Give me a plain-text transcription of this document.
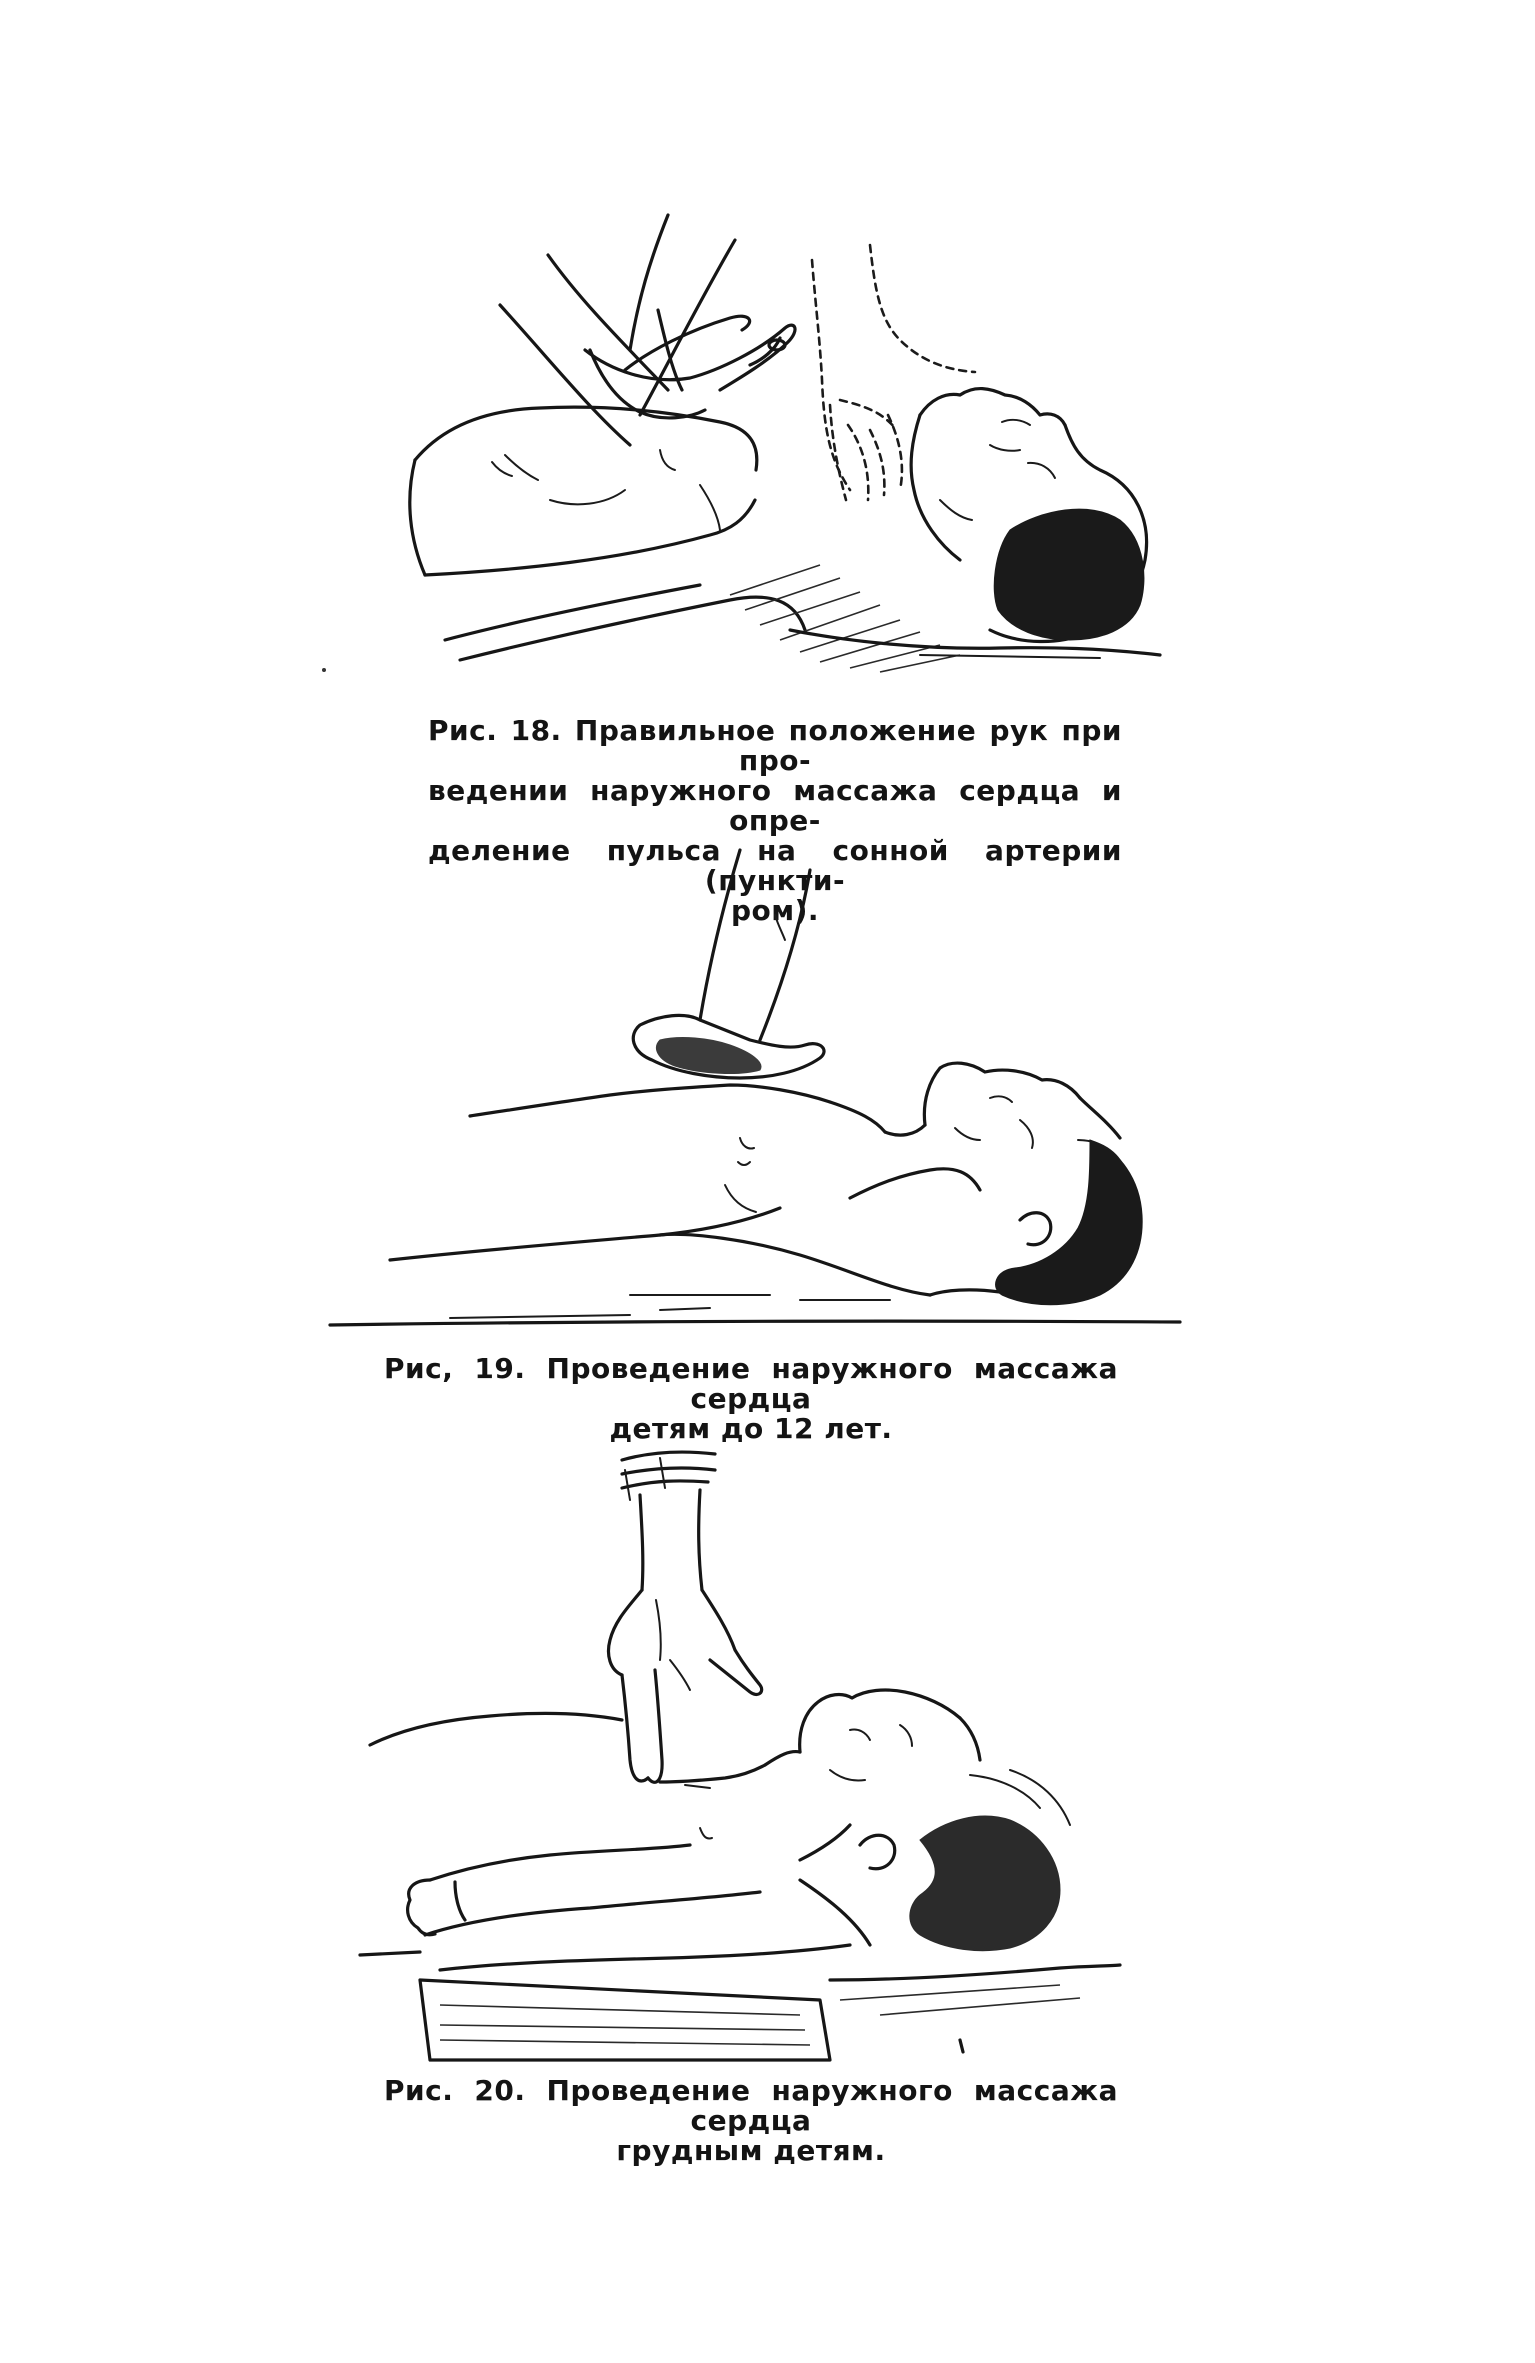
Рис. 18. Правильное положение рук при про-
ведении наружного массажа сердца и опре-
деление пульса на сонной артерии (пункти-
ром).
Рис, 19. Проведение наружного массажа сердца
детям до 12 лет.
Рис. 20. Проведение наружного массажа сердца
грудным детям.
